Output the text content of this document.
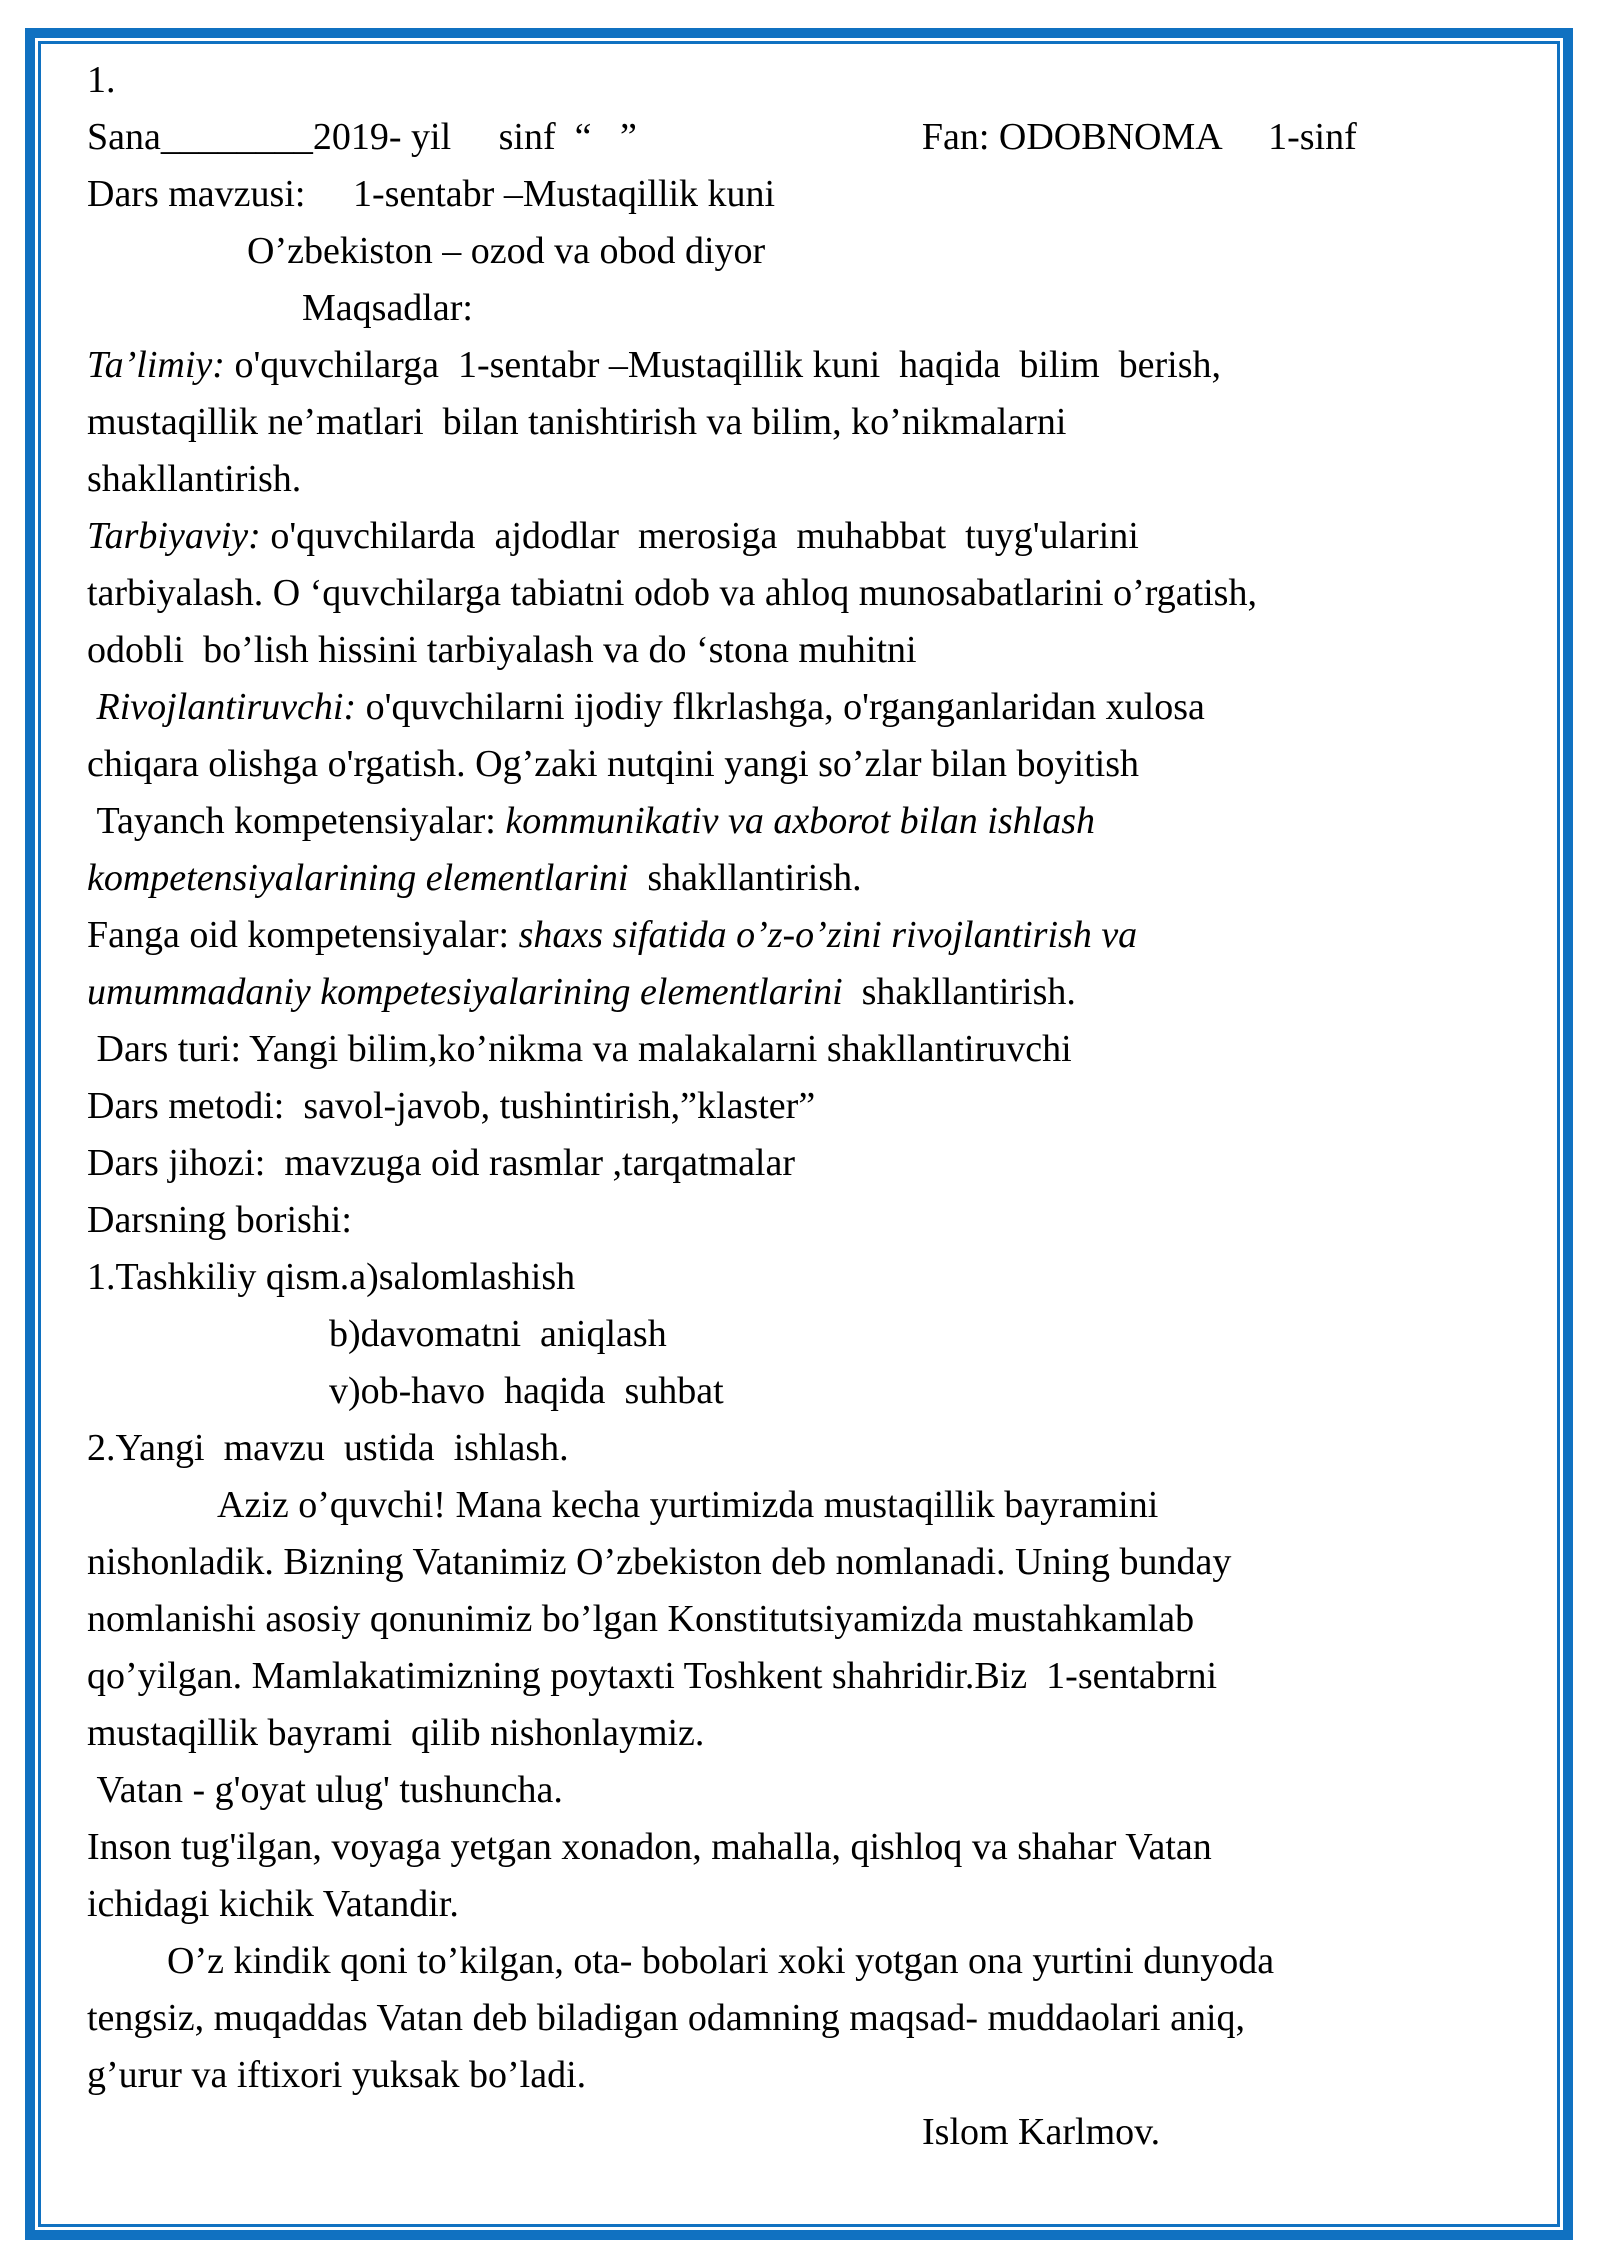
1.
Sana________2019- yil     sinf  “   ”                              Fan: ODOBNOMA     1-sinf
Dars mavzusi:     1-sentabr –Mustaqillik kuni
O’zbekiston – ozod va obod diyor
Maqsadlar:
Ta’limiy: o'quvchilarga  1-sentabr –Mustaqillik kuni  haqida  bilim  berish,
mustaqillik ne’matlari  bilan tanishtirish va bilim, ko’nikmalarni
shakllantirish.
Tarbiyaviy: o'quvchilarda  ajdodlar  merosiga  muhabbat  tuyg'ularini
tarbiyalash. O ‘quvchilarga tabiatni odob va ahloq munosabatlarini o’rgatish,
odobli  bo’lish hissini tarbiyalash va do ‘stona muhitni
Rivojlantiruvchi: o'quvchilarni ijodiy flkrlashga, o'rganganlaridan xulosa
chiqara olishga o'rgatish. Og’zaki nutqini yangi so’zlar bilan boyitish
Tayanch kompetensiyalar: kommunikativ va axborot bilan ishlash
kompetensiyalarining elementlarini  shakllantirish.
Fanga oid kompetensiyalar: shaxs sifatida o’z-o’zini rivojlantirish va
umummadaniy kompetesiyalarining elementlarini  shakllantirish.
Dars turi: Yangi bilim,ko’nikma va malakalarni shakllantiruvchi
Dars metodi:  savol-javob, tushintirish,”klaster”
Dars jihozi:  mavzuga oid rasmlar ,tarqatmalar
Darsning borishi:
1.Tashkiliy qism.a)salomlashish
b)davomatni  aniqlash
v)ob-havo  haqida  suhbat
2.Yangi  mavzu  ustida  ishlash.
Aziz o’quvchi! Mana kecha yurtimizda mustaqillik bayramini
nishonladik. Bizning Vatanimiz O’zbekiston deb nomlanadi. Uning bunday
nomlanishi asosiy qonunimiz bo’lgan Konstitutsiyamizda mustahkamlab
qo’yilgan. Mamlakatimizning poytaxti Toshkent shahridir.Biz  1-sentabrni
mustaqillik bayrami  qilib nishonlaymiz.
Vatan - g'oyat ulug' tushuncha.
Inson tug'ilgan, voyaga yetgan xonadon, mahalla, qishloq va shahar Vatan
ichidagi kichik Vatandir.
O’z kindik qoni to’kilgan, ota- bobolari xoki yotgan ona yurtini dunyoda
tengsiz, muqaddas Vatan deb biladigan odamning maqsad- muddaolari aniq,
g’urur va iftixori yuksak bo’ladi.
Islom Karlmov.
